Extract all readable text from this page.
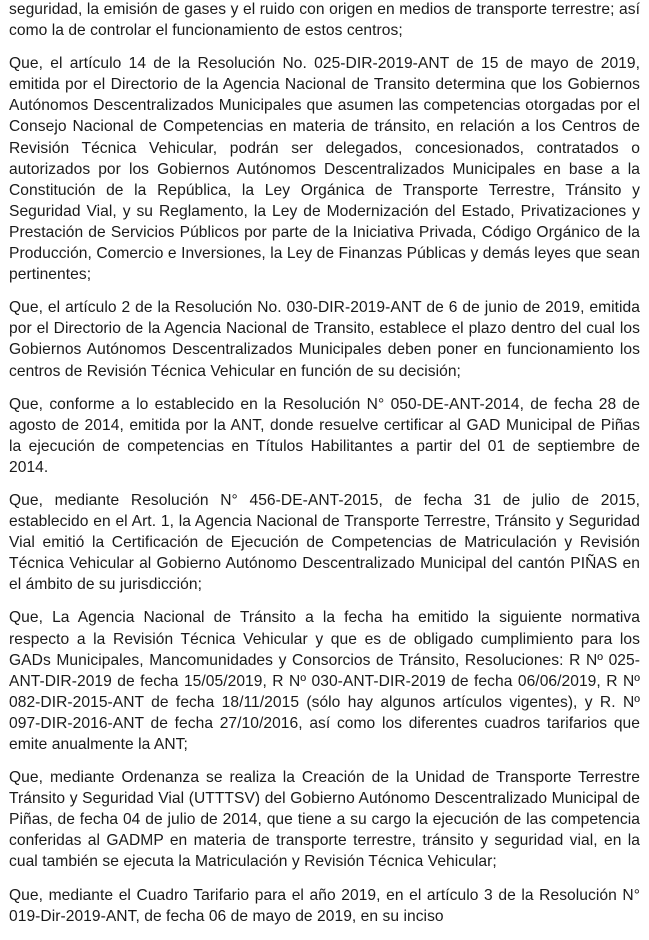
seguridad, la emisión de gases y el ruido con origen en medios de transporte terrestre; así como la de controlar el funcionamiento de estos centros;

Que, el artículo 14 de la Resolución No. 025-DIR-2019-ANT de 15 de mayo de 2019, emitida por el Directorio de la Agencia Nacional de Transito determina que los Gobiernos Autónomos Descentralizados Municipales que asumen las competencias otorgadas por el Consejo Nacional de Competencias en materia de tránsito, en relación a los Centros de Revisión Técnica Vehicular, podrán ser delegados, concesionados, contratados o autorizados por los Gobiernos Autónomos Descentralizados Municipales en base a la Constitución de la República, la Ley Orgánica de Transporte Terrestre, Tránsito y Seguridad Vial, y su Reglamento, la Ley de Modernización del Estado, Privatizaciones y Prestación de Servicios Públicos por parte de la Iniciativa Privada, Código Orgánico de la Producción, Comercio e Inversiones, la Ley de Finanzas Públicas y demás leyes que sean pertinentes;

Que, el artículo 2 de la Resolución No. 030-DIR-2019-ANT de 6 de junio de 2019, emitida por el Directorio de la Agencia Nacional de Transito, establece el plazo dentro del cual los Gobiernos Autónomos Descentralizados Municipales deben poner en funcionamiento los centros de Revisión Técnica Vehicular en función de su decisión;

Que, conforme a lo establecido en la Resolución N° 050-DE-ANT-2014, de fecha 28 de agosto de 2014, emitida por la ANT, donde resuelve certificar al GAD Municipal de Piñas la ejecución de competencias en Títulos Habilitantes a partir del 01 de septiembre de 2014.

Que, mediante Resolución N° 456-DE-ANT-2015, de fecha 31 de julio de 2015, establecido en el Art. 1, la Agencia Nacional de Transporte Terrestre, Tránsito y Seguridad Vial emitió la Certificación de Ejecución de Competencias de Matriculación y Revisión Técnica Vehicular al Gobierno Autónomo Descentralizado Municipal del cantón PIÑAS en el ámbito de su jurisdicción;

Que, La Agencia Nacional de Tránsito a la fecha ha emitido la siguiente normativa respecto a la Revisión Técnica Vehicular y que es de obligado cumplimiento para los GADs Municipales, Mancomunidades y Consorcios de Tránsito, Resoluciones: R Nº 025-ANT-DIR-2019 de fecha 15/05/2019, R Nº 030-ANT-DIR-2019 de fecha 06/06/2019, R Nº 082-DIR-2015-ANT de fecha 18/11/2015 (sólo hay algunos artículos vigentes), y R. Nº 097-DIR-2016-ANT de fecha 27/10/2016, así como los diferentes cuadros tarifarios que emite anualmente la ANT;

Que, mediante Ordenanza se realiza la Creación de la Unidad de Transporte Terrestre Tránsito y Seguridad Vial (UTTTSV) del Gobierno Autónomo Descentralizado Municipal de Piñas, de fecha 04 de julio de 2014, que tiene a su cargo la ejecución de las competencia conferidas al GADMP en materia de transporte terrestre, tránsito y seguridad vial, en la cual también se ejecuta la Matriculación y Revisión Técnica Vehicular;

Que, mediante el Cuadro Tarifario para el año 2019, en el artículo 3 de la Resolución N° 019-Dir-2019-ANT, de fecha 06 de mayo de 2019, en su inciso
